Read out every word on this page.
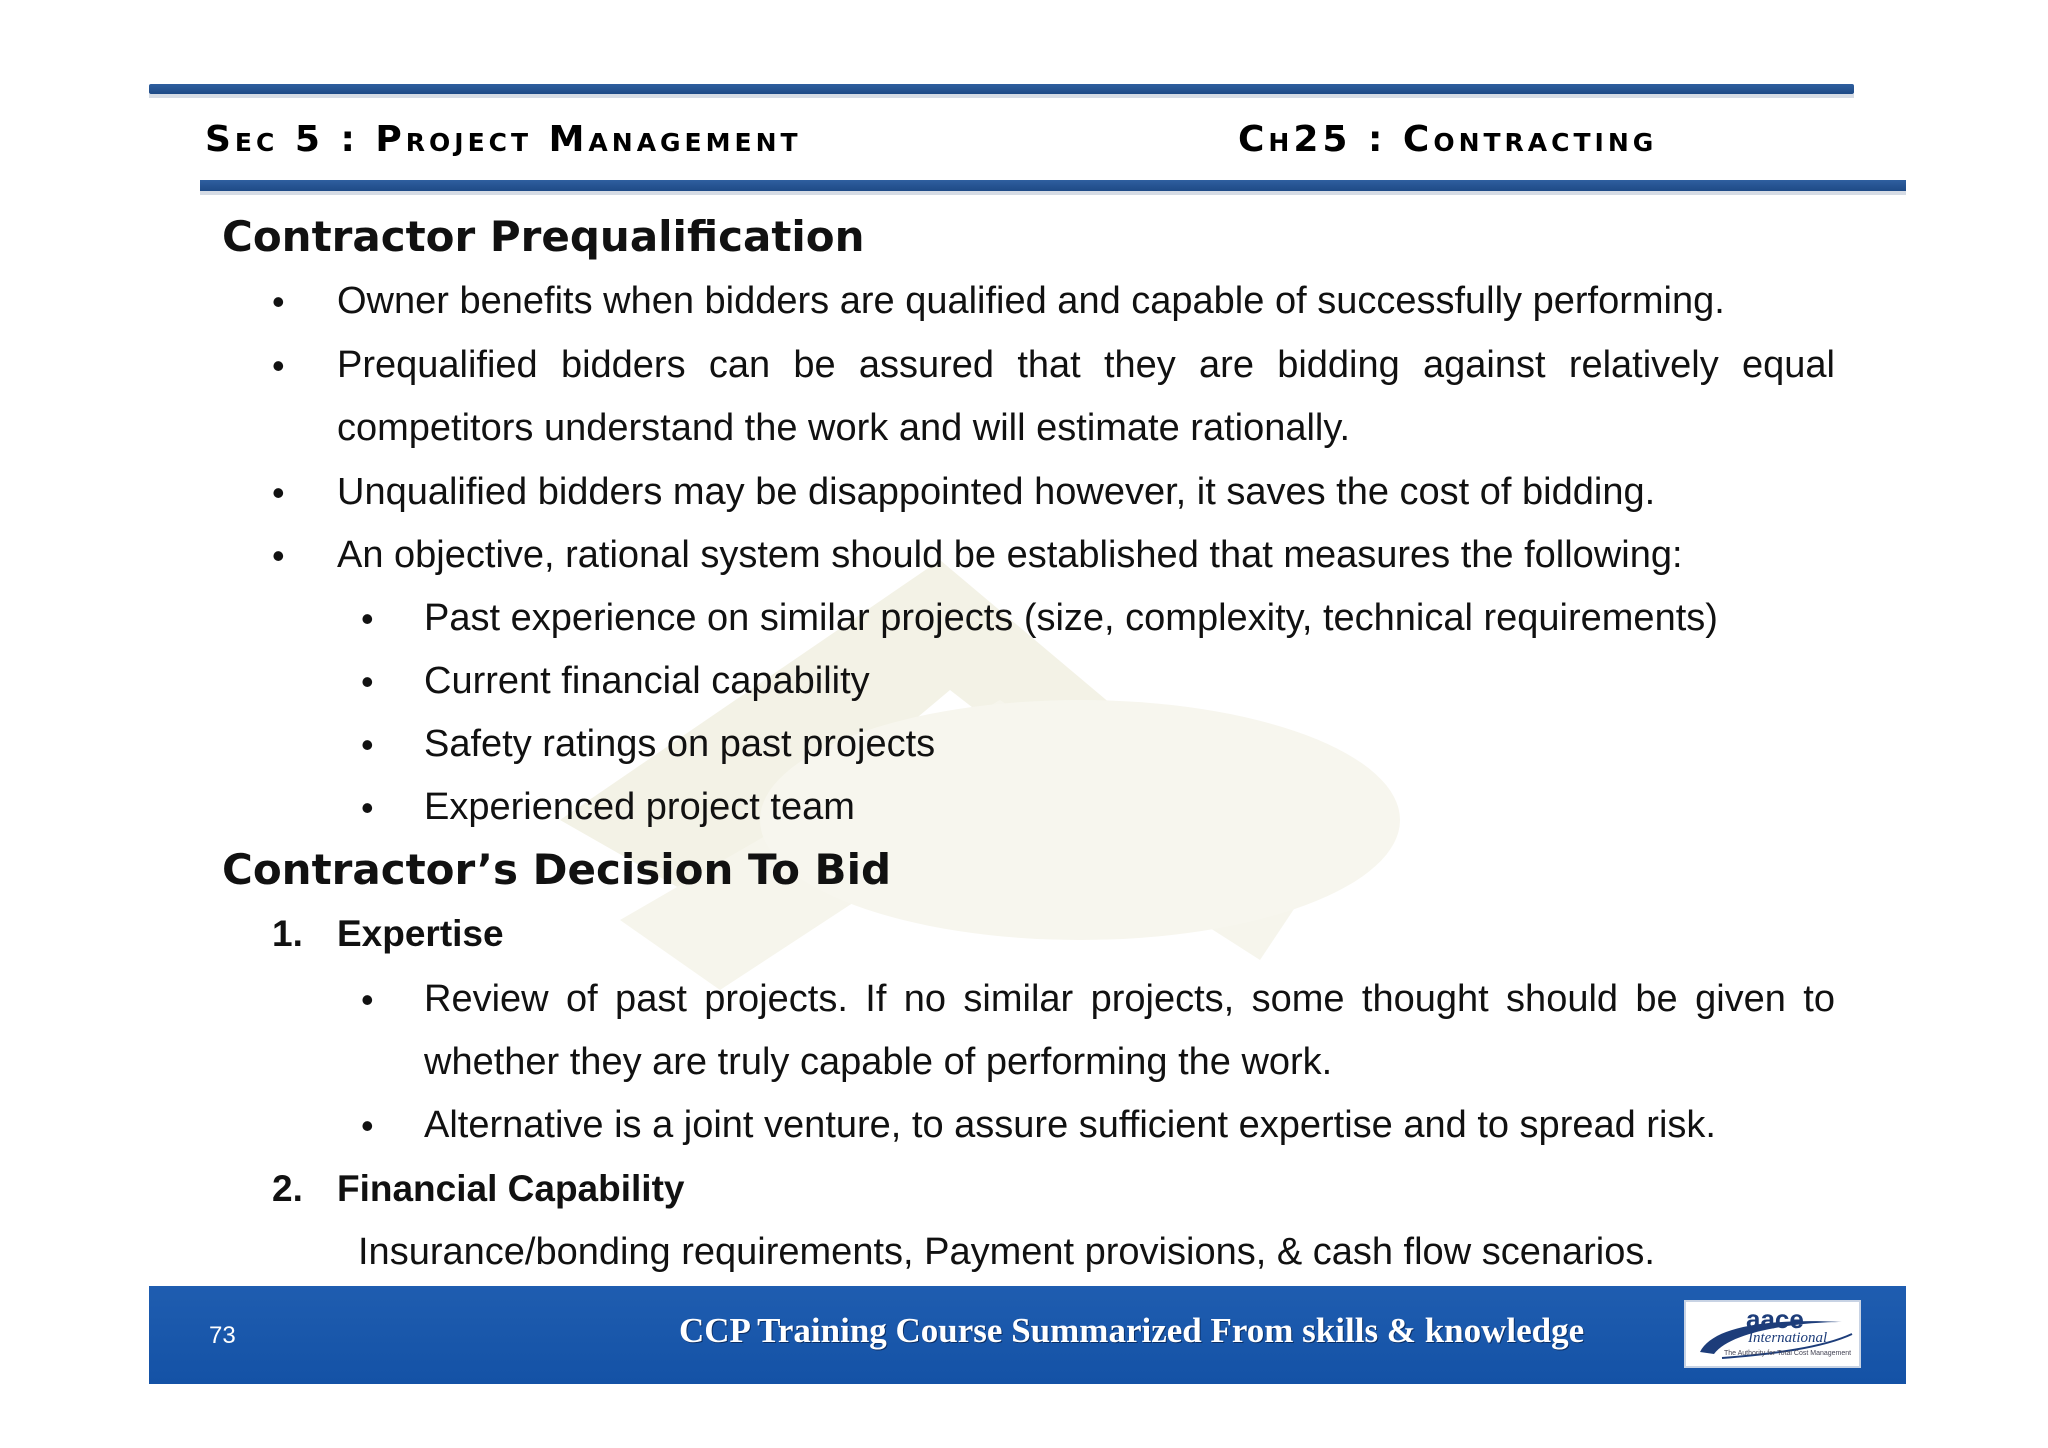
Sec 5 : Project Management	Ch25 : Contracting
Contractor Prequalification
• Owner benefits when bidders are qualified and capable of successfully performing.
• Prequalified bidders can be assured that they are bidding against relatively equal
competitors understand the work and will estimate rationally.
• Unqualified bidders may be disappointed however, it saves the cost of bidding.
• An objective, rational system should be established that measures the following:
• Past experience on similar projects (size, complexity, technical requirements)
• Current financial capability
• Safety ratings on past projects
• Experienced project team
Contractor’s Decision To Bid
1. Expertise
• Review of past projects. If no similar projects, some thought should be given to
whether they are truly capable of performing the work.
• Alternative is a joint venture, to assure sufficient expertise and to spread risk.
2. Financial Capability
Insurance/bonding requirements, Payment provisions, & cash flow scenarios.
73	CCP Training Course Summarized From skills & knowledge	aace
International
The Authority for Total Cost Management
